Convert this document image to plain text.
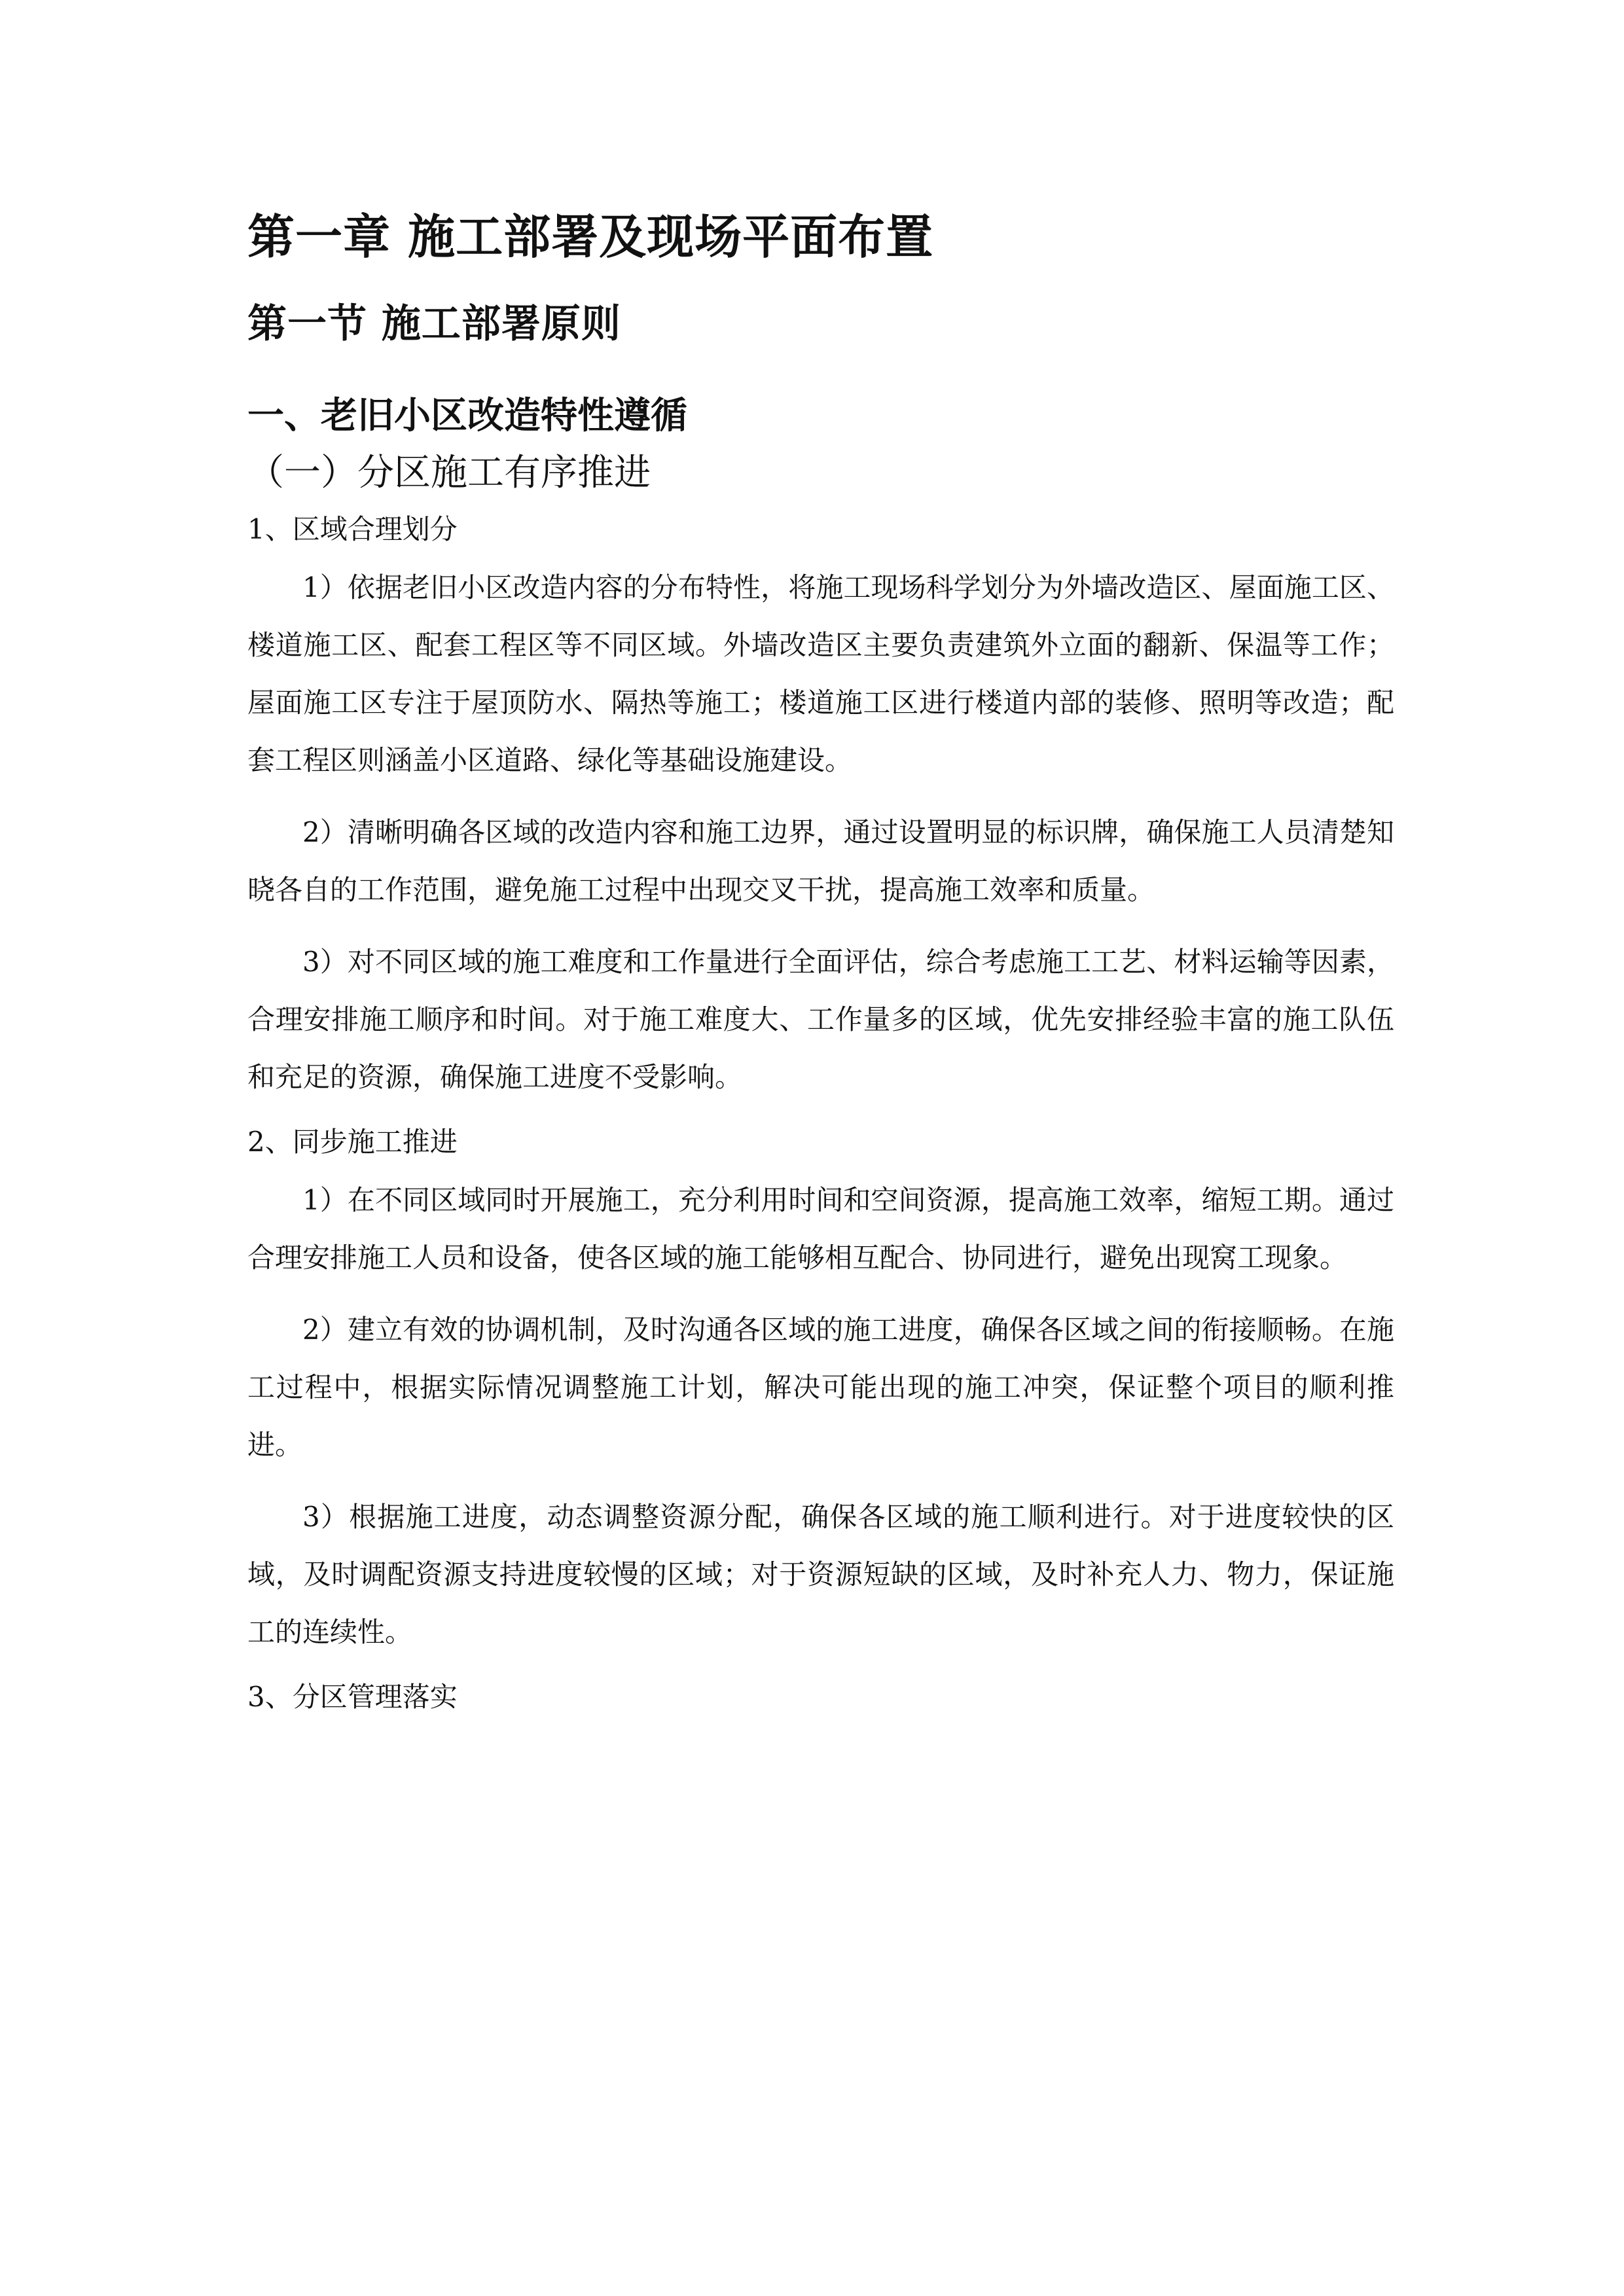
第一章 施工部署及现场平面布置
第一节 施工部署原则
一、老旧小区改造特性遵循
（一）分区施工有序推进
1、区域合理划分

1）依据老旧小区改造内容的分布特性，将施工现场科学划分为外墙改造区、屋面施工区、楼道施工区、配套工程区等不同区域。外墙改造区主要负责建筑外立面的翻新、保温等工作；屋面施工区专注于屋顶防水、隔热等施工；楼道施工区进行楼道内部的装修、照明等改造；配套工程区则涵盖小区道路、绿化等基础设施建设。

2）清晰明确各区域的改造内容和施工边界，通过设置明显的标识牌，确保施工人员清楚知晓各自的工作范围，避免施工过程中出现交叉干扰，提高施工效率和质量。

3）对不同区域的施工难度和工作量进行全面评估，综合考虑施工工艺、材料运输等因素，合理安排施工顺序和时间。对于施工难度大、工作量多的区域，优先安排经验丰富的施工队伍和充足的资源，确保施工进度不受影响。

2、同步施工推进

1）在不同区域同时开展施工，充分利用时间和空间资源，提高施工效率，缩短工期。通过合理安排施工人员和设备，使各区域的施工能够相互配合、协同进行，避免出现窝工现象。

2）建立有效的协调机制，及时沟通各区域的施工进度，确保各区域之间的衔接顺畅。在施工过程中，根据实际情况调整施工计划，解决可能出现的施工冲突，保证整个项目的顺利推进。

3）根据施工进度，动态调整资源分配，确保各区域的施工顺利进行。对于进度较快的区域，及时调配资源支持进度较慢的区域；对于资源短缺的区域，及时补充人力、物力，保证施工的连续性。

3、分区管理落实
